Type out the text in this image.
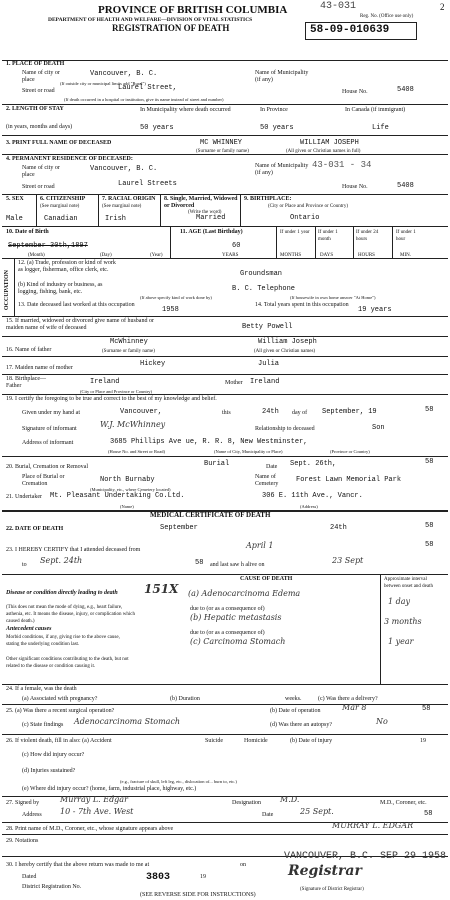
PROVINCE OF BRITISH COLUMBIA
DEPARTMENT OF HEALTH AND WELFARE—DIVISION OF VITAL STATISTICS
REGISTRATION OF DEATH
43-031
Reg. No. (Office use only)
2
58-09-010639
1. PLACE OF DEATH
Name of city or place
Vancouver, B. C.	Name of Municipality (if any)
(If outside city or municipal limits add "Rural")
Street or road	Laurel Street,	House No.	5408
(If death occurred in a hospital or institution, give its name instead of street and number)
2. LENGTH OF STAY
(in years, months and days)
In Municipality where death occurred
50 years
In Province
50 years
In Canada (if immigrant)
Life
3. PRINT FULL NAME OF DECEASED	MC WHINNEY	WILLIAM JOSEPH
(Surname or family name)	(All given or Christian names in full)
4. PERMANENT RESIDENCE OF DECEASED:
Name of city or place
Vancouver, B. C.	Name of Municipality (if any)
43-031 - 34
Street or road	Laurel Streets	House No.	5408
5. SEX
Male
6. CITIZENSHIP
(See marginal note)
Canadian
7. RACIAL ORIGIN
(See marginal note)
Irish
8. Single, Married, Widowed or Divorced
(Write the word)
Married
9. BIRTHPLACE:
(City or Place and Province or Country)
Ontario
10. Date of Birth
September 30th,1897
(Month)	(Day)	(Year)
11. AGE (Last Birthday)
60
YEARS
If under 1 year
MONTHS
If under 1 month
DAYS
If under 24 hours
HOURS
If under 1 hour
MIN.
OCCUPATION
12. (a) Trade, profession or kind of work as logger, fisherman, office clerk, etc.	Groundsman
(b) Kind of industry or business, as logging, fishing, bank, etc.	B. C. Telephone
(If above specify kind of work done by)	(If housewife in own home answer "At Home")
13. Date deceased last worked at this occupation
1958
14. Total years spent in this occupation
19 years
15. If married, widowed or divorced give name of husband or maiden name of wife of deceased	Betty Powell
16. Name of father
McWhinney	William Joseph
(Surname or family name)	(All given or Christian names)
17. Maiden name of mother	Hickey	Julia
18. Birthplace—Father	Ireland	Mother Ireland
(City or Place and Province or Country)
19. I certify the foregoing to be true and correct to the best of my knowledge and belief.
Given under my hand at	Vancouver,	this	24th day of September, 19	58
Signature of informant	W.J. McWhinney	Relationship to deceased	Son
Address of informant	3685 Phillips Ave ue, R. R. 8, New Westminster,
(House No. and Street or Road)	(Name of City, Municipality or Place)	(Province or Country)
20. Burial, Cremation or Removal	Burial	Date Sept. 26th,	58
Place of Burial or Cremation	North Burnaby	Name of Cemetery	Forest Lawn Memorial Park
(Municipality, etc., where Cemetery located)
21. Undertaker Mt. Pleasant Undertaking Co.Ltd.	306 E. 11th Ave., Vancr.
(Name)	(Address)
MEDICAL CERTIFICATE OF DEATH
22. DATE OF DEATH	September	24th	58
23. I HEREBY CERTIFY that I attended deceased from	April 1	58
to Sept. 24th	58 and last saw h alive on	23 Sept
CAUSE OF DEATH	Approximate interval between onset and death
Disease or condition directly leading to death
(This does not mean the mode of dying, e.g., heart failure, asthenia, etc. It means the disease, injury, or complication which caused death.)
151X (a) Adenocarcinoma Edema
1 day
due to (or as a consequence of)
(b) Hepatic metastasis	3 months
due to (or as a consequence of)
(c) Carcinoma Stomach	1 year
Antecedent causes
Morbid conditions, if any, giving rise to the above cause, stating the underlying condition last.
Other significant conditions contributing to the death, but not related to the disease or condition causing it.
24. If a female, was the death
(a) Associated with pregnancy?	(b) Duration	weeks.	(c) Was there a delivery?
25. (a) Was there a recent surgical operation?	(b) Date of operation	Mar 8	58
(c) State findings Adenocarcinoma Stomach	(d) Was there an autopsy?	No
26. If violent death, fill in also: (a) Accident	Suicide	Homicide	(b) Date of injury	19
(c) How did injury occur?
(d) Injuries sustained?
(e.g., fracture of skull, left leg, etc., dislocation of... burn to, etc.)
(e) Where did injury occur? (home, farm, industrial place, highway, etc.)
27. Signed by	Murray L. Edgar	Designation M.D.	M.D., Coroner, etc.
Address 10 - 7th Ave. West	Date	25 Sept.	58
28. Print name of M.D., Coroner, etc., whose signature appears above	MURRAY L. EDGAR
29. Notations
30. I hereby certify that the above return was made to me at	on
Dated	19
District Registration No.
3803
VANCOUVER, B.C. SEP 29 1958
Registrar
(Signature of District Registrar)
(SEE REVERSE SIDE FOR INSTRUCTIONS)
